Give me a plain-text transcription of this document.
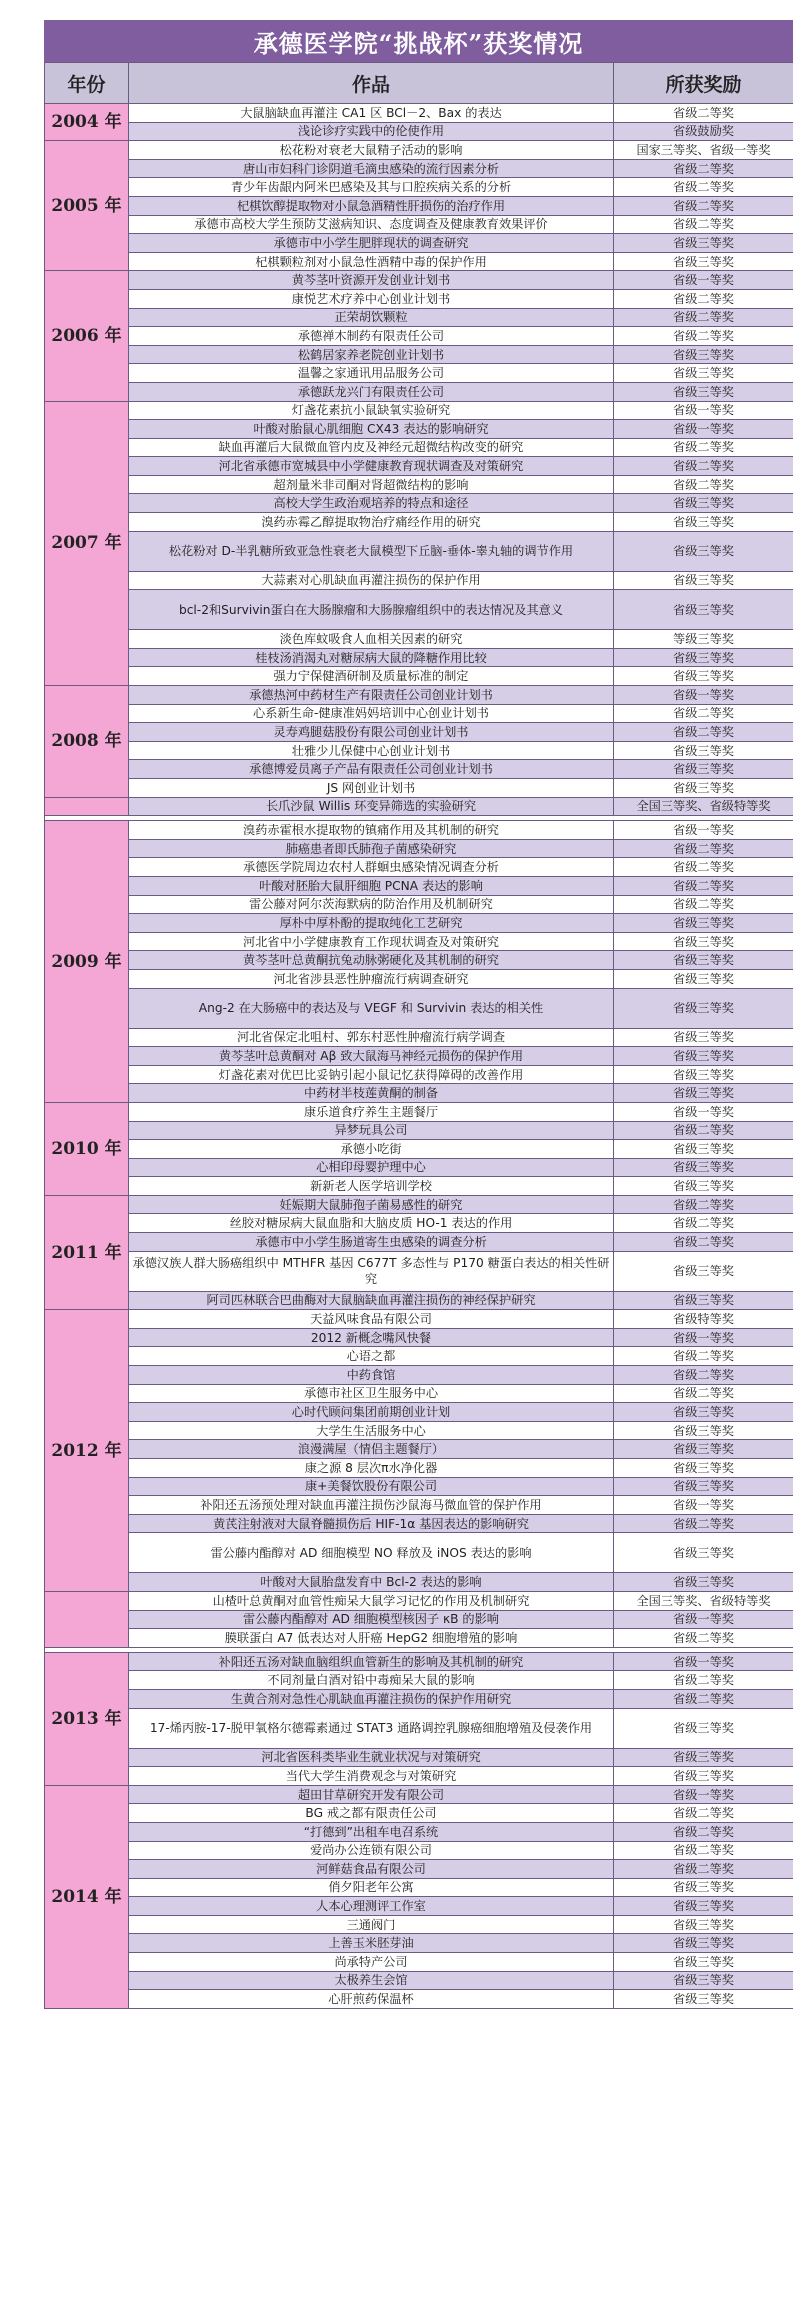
承德医学院“挑战杯”获奖情况
年份	作品	所获奖励
2004 年	大鼠脑缺血再灌注 CA1 区 BCl－2、Bax 的表达	省级二等奖
	浅论诊疗实践中的伦使作用	省级鼓励奖
2005 年	松花粉对衰老大鼠精子活动的影响	国家三等奖、省级一等奖
	唐山市妇科门诊阴道毛滴虫感染的流行因素分析	省级二等奖
	青少年齿龈内阿米巴感染及其与口腔疾病关系的分析	省级二等奖
	杞棋饮醇提取物对小鼠急酒精性肝损伤的治疗作用	省级二等奖
	承德市高校大学生预防艾滋病知识、态度调查及健康教育效果评价	省级二等奖
	承德市中小学生肥胖现状的调查研究	省级三等奖
	杞棋颗粒剂对小鼠急性酒精中毒的保护作用	省级三等奖
2006 年	黄芩茎叶资源开发创业计划书	省级一等奖
	康悦艺术疗养中心创业计划书	省级二等奖
	正荣胡饮颗粒	省级二等奖
	承德禅木制药有限责任公司	省级二等奖
	松鹤居家养老院创业计划书	省级三等奖
	温馨之家通讯用品服务公司	省级三等奖
	承德跃龙兴门有限责任公司	省级三等奖
2007 年	灯盏花素抗小鼠缺氧实验研究	省级一等奖
	叶酸对胎鼠心肌细胞 CX43 表达的影响研究	省级一等奖
	缺血再灌后大鼠微血管内皮及神经元超微结构改变的研究	省级二等奖
	河北省承德市宽城县中小学健康教育现状调查及对策研究	省级二等奖
	超剂量米非司酮对肾超微结构的影响	省级二等奖
	高校大学生政治观培养的特点和途径	省级三等奖
	溴药赤霉乙醇提取物治疗痛经作用的研究	省级三等奖
	松花粉对 D-半乳糖所致亚急性衰老大鼠模型下丘脑-垂体-睾丸轴的调节作用	省级三等奖
	大蒜素对心肌缺血再灌注损伤的保护作用	省级三等奖
	bcl-2和Survivin蛋白在大肠腺瘤和大肠腺瘤组织中的表达情况及其意义	省级三等奖
	淡色库蚊吸食人血相关因素的研究	等级三等奖
	桂枝汤消渴丸对糖尿病大鼠的降糖作用比较	省级三等奖
	强力宁保健酒研制及质量标准的制定	省级三等奖
2008 年	承德热河中药材生产有限责任公司创业计划书	省级一等奖
	心系新生命-健康准妈妈培训中心创业计划书	省级二等奖
	灵寿鸡腿菇股份有限公司创业计划书	省级二等奖
	壮雅少儿保健中心创业计划书	省级三等奖
	承德博爱员离子产品有限责任公司创业计划书	省级三等奖
	JS 网创业计划书	省级三等奖
	长爪沙鼠 Willis 环变异筛选的实验研究	全国三等奖、省级特等奖

2009 年	溴药赤霍根水提取物的镇痛作用及其机制的研究	省级一等奖
	肺癌患者即氏肺孢子菌感染研究	省级二等奖
	承德医学院周边农村人群蛔虫感染情况调查分析	省级二等奖
	叶酸对胚胎大鼠肝细胞 PCNA 表达的影响	省级二等奖
	雷公藤对阿尔茨海默病的防治作用及机制研究	省级二等奖
	厚朴中厚朴酚的提取纯化工艺研究	省级三等奖
	河北省中小学健康教育工作现状调查及对策研究	省级三等奖
	黄芩茎叶总黄酮抗兔动脉粥硬化及其机制的研究	省级三等奖
	河北省涉县恶性肿瘤流行病调查研究	省级三等奖
	Ang-2 在大肠癌中的表达及与 VEGF 和 Survivin 表达的相关性	省级三等奖
	河北省保定北咀村、郭东村恶性肿瘤流行病学调查	省级三等奖
	黄芩茎叶总黄酮对 Aβ 致大鼠海马神经元损伤的保护作用	省级三等奖
	灯盏花素对优巴比妥钠引起小鼠记忆获得障碍的改善作用	省级三等奖
	中药材半枝莲黄酮的制备	省级三等奖
2010 年	康乐道食疗养生主题餐厅	省级一等奖
	异梦玩具公司	省级二等奖
	承德小吃街	省级三等奖
	心相印母婴护理中心	省级三等奖
	新新老人医学培训学校	省级三等奖
2011 年	妊娠期大鼠肺孢子菌易感性的研究	省级二等奖
	丝胶对糖尿病大鼠血脂和大脑皮质 HO-1 表达的作用	省级二等奖
	承德市中小学生肠道寄生虫感染的调查分析	省级二等奖
	承德汉族人群大肠癌组织中 MTHFR 基因 C677T 多态性与 P170 糖蛋白表达的相关性研究	省级三等奖
	阿司匹林联合巴曲酶对大鼠脑缺血再灌注损伤的神经保护研究	省级三等奖
2012 年	天益风味食品有限公司	省级特等奖
	2012 新概念嘴风快餐	省级一等奖
	心语之都	省级二等奖
	中药食馆	省级二等奖
	承德市社区卫生服务中心	省级二等奖
	心时代顾问集团前期创业计划	省级三等奖
	大学生生活服务中心	省级三等奖
	浪漫满屋（情侣主题餐厅）	省级三等奖
	康之源 8 层次π水净化器	省级三等奖
	康+美餐饮股份有限公司	省级三等奖
	补阳还五汤预处理对缺血再灌注损伤沙鼠海马微血管的保护作用	省级一等奖
	黄芪注射液对大鼠脊髓损伤后 HIF-1α 基因表达的影响研究	省级二等奖
	雷公藤内酯醇对 AD 细胞模型 NO 释放及 iNOS 表达的影响	省级三等奖
	叶酸对大鼠胎盘发育中 Bcl-2 表达的影响	省级三等奖
	山楂叶总黄酮对血管性痴呆大鼠学习记忆的作用及机制研究	全国三等奖、省级特等奖
	雷公藤内酯醇对 AD 细胞模型核因子 κB 的影响	省级一等奖
	膜联蛋白 A7 低表达对人肝癌 HepG2 细胞增殖的影响	省级二等奖

2013 年	补阳还五汤对缺血脑组织血管新生的影响及其机制的研究	省级一等奖
	不同剂量白酒对铅中毒痴呆大鼠的影响	省级二等奖
	生黄合剂对急性心肌缺血再灌注损伤的保护作用研究	省级二等奖
	17-烯丙胺-17-脱甲氧格尔德霉素通过 STAT3 通路调控乳腺癌细胞增殖及侵袭作用	省级三等奖
	河北省医科类毕业生就业状况与对策研究	省级三等奖
	当代大学生消费观念与对策研究	省级三等奖
2014 年	超田甘草研究开发有限公司	省级一等奖
	BG 戒之都有限责任公司	省级二等奖
	“打德到”出租车电召系统	省级二等奖
	爱尚办公连锁有限公司	省级二等奖
	河鲜菇食品有限公司	省级二等奖
	俏夕阳老年公寓	省级三等奖
	人本心理测评工作室	省级三等奖
	三通阀门	省级三等奖
	上善玉米胚芽油	省级三等奖
	尚承特产公司	省级三等奖
	太极养生会馆	省级三等奖
	心肝煎药保温杯	省级三等奖
